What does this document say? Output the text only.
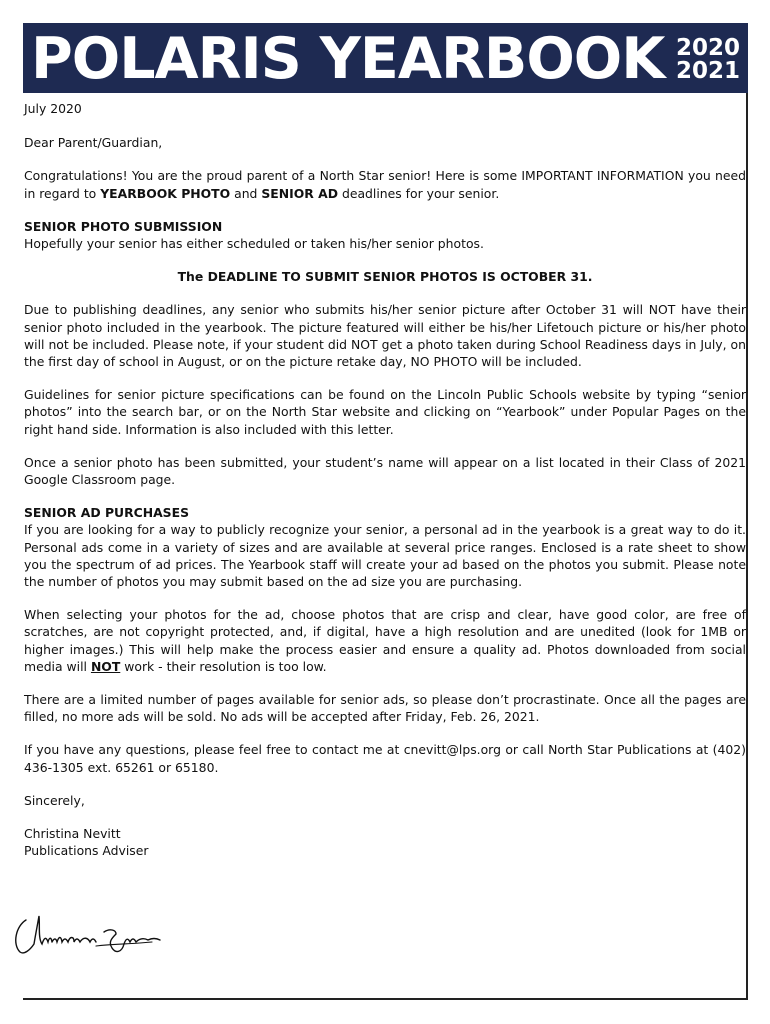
POLARIS YEARBOOK 2020
2021

July 2020

Dear Parent/Guardian,

Congratulations! You are the proud parent of a North Star senior! Here is some IMPORTANT INFORMATION you need in regard to YEARBOOK PHOTO and SENIOR AD deadlines for your senior.

SENIOR PHOTO SUBMISSION
Hopefully your senior has either scheduled or taken his/her senior photos.

The DEADLINE TO SUBMIT SENIOR PHOTOS IS OCTOBER 31.

Due to publishing deadlines, any senior who submits his/her senior picture after October 31 will NOT have their senior photo included in the yearbook. The picture featured will either be his/her Lifetouch picture or his/her photo will not be included. Please note, if your student did NOT get a photo taken during School Readiness days in July, on the first day of school in August, or on the picture retake day, NO PHOTO will be included.

Guidelines for senior picture specifications can be found on the Lincoln Public Schools website by typing “senior photos” into the search bar, or on the North Star website and clicking on “Yearbook” under Popular Pages on the right hand side. Information is also included with this letter.

Once a senior photo has been submitted, your student’s name will appear on a list located in their Class of 2021 Google Classroom page.

SENIOR AD PURCHASES
If you are looking for a way to publicly recognize your senior, a personal ad in the yearbook is a great way to do it. Personal ads come in a variety of sizes and are available at several price ranges. Enclosed is a rate sheet to show you the spectrum of ad prices. The Yearbook staff will create your ad based on the photos you submit. Please note the number of photos you may submit based on the ad size you are purchasing.

When selecting your photos for the ad, choose photos that are crisp and clear, have good color, are free of scratches, are not copyright protected, and, if digital, have a high resolution and are unedited (look for 1MB or higher images.) This will help make the process easier and ensure a quality ad. Photos downloaded from social media will NOT work - their resolution is too low.

There are a limited number of pages available for senior ads, so please don’t procrastinate. Once all the pages are filled, no more ads will be sold. No ads will be accepted after Friday, Feb. 26, 2021.

If you have any questions, please feel free to contact me at cnevitt@lps.org or call North Star Publications at (402) 436-1305 ext. 65261 or 65180.

Sincerely,

Christina Nevitt
Publications Adviser
